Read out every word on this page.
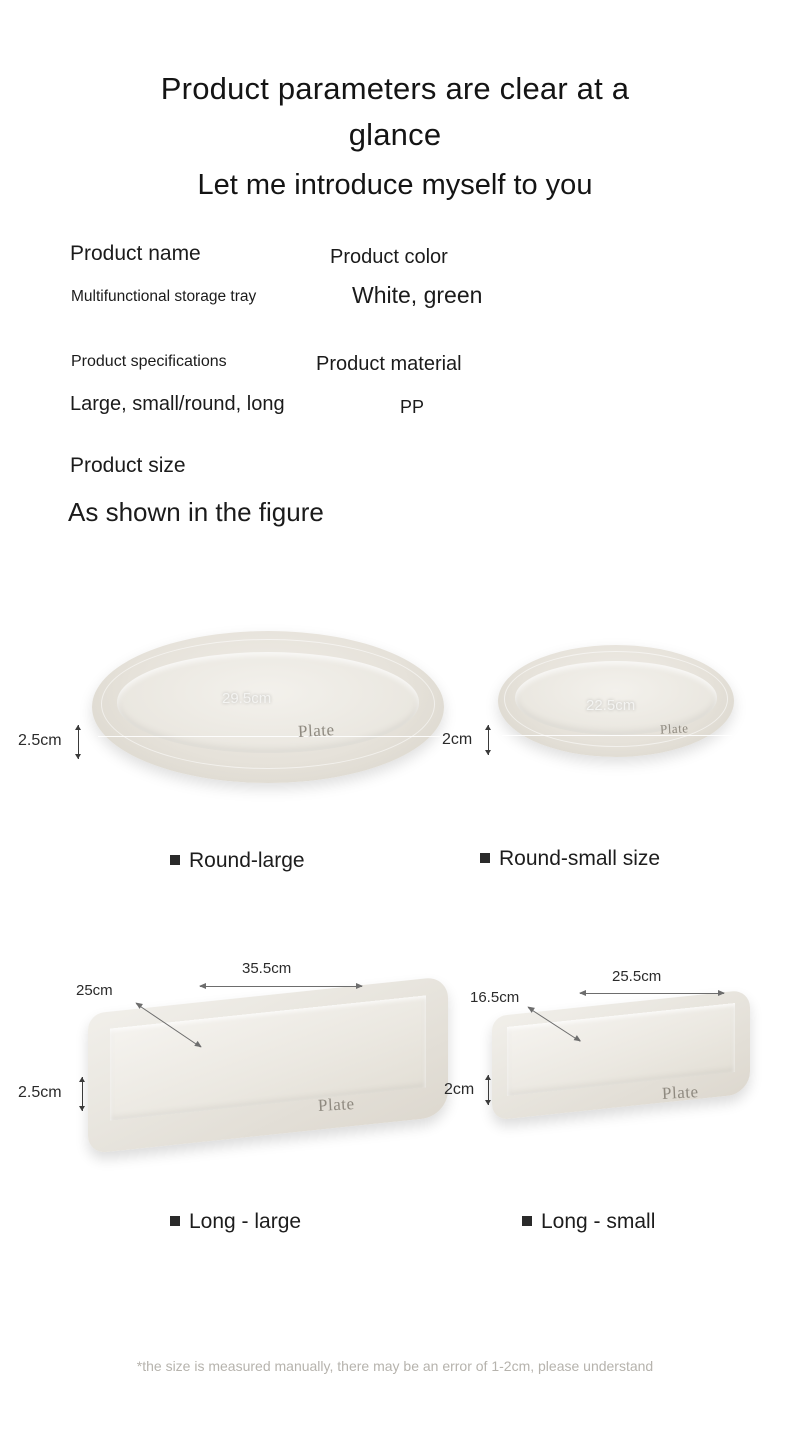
Product parameters are clear at a
glance
Let me introduce myself to you
Product name
Multifunctional storage tray
Product color
White, green
Product specifications
Large, small/round, long
Product material
PP
Product size
As shown in the figure
29.5cm
Plate
2.5cm
Round-large
22.5cm
Plate
2cm
Round-small size
35.5cm
25cm
2.5cm
Plate
Long - large
25.5cm
16.5cm
2cm	Plate
Long - small
*the size is measured manually, there may be an error of 1-2cm, please understand
